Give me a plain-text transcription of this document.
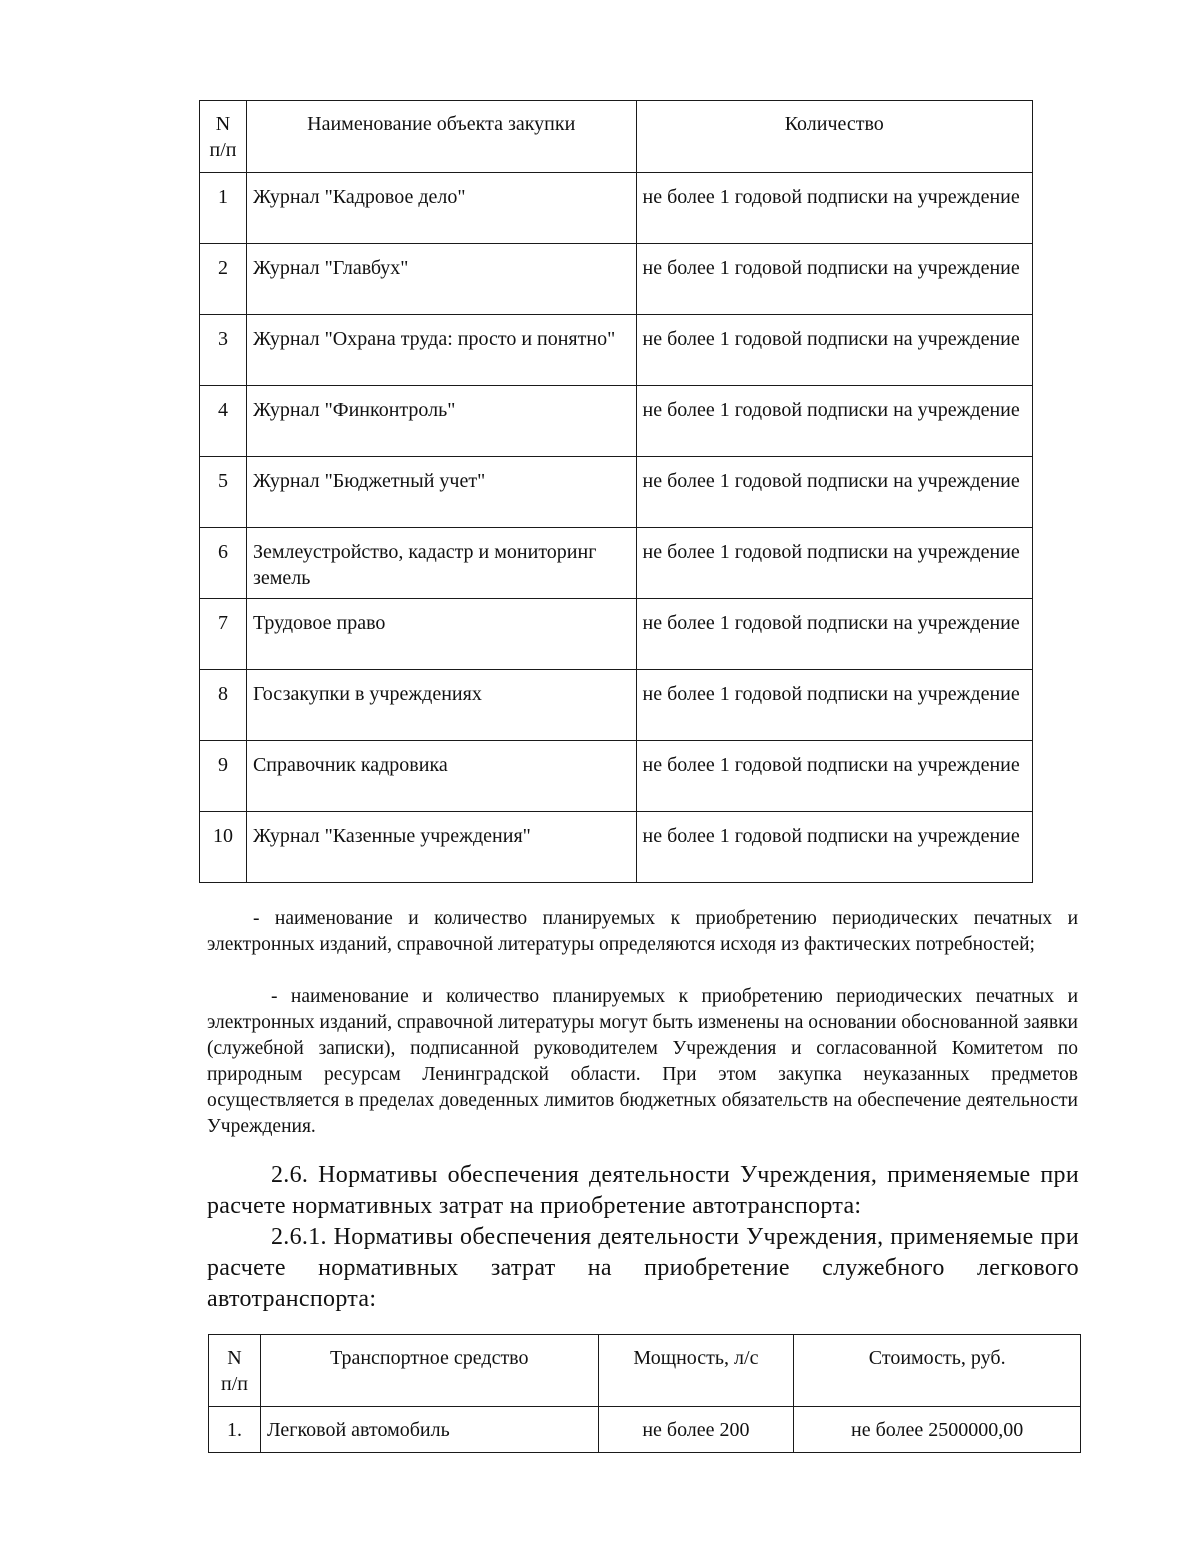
N
п/п	Наименование объекта закупки	Количество
1	Журнал "Кадровое дело"	не более 1 годовой подписки на учреждение
2	Журнал "Главбух"	не более 1 годовой подписки на учреждение
3	Журнал "Охрана труда: просто и понятно"	не более 1 годовой подписки на учреждение
4	Журнал "Финконтроль"	не более 1 годовой подписки на учреждение
5	Журнал "Бюджетный учет"	не более 1 годовой подписки на учреждение
6	Землеустройство, кадастр и мониторинг земель	не более 1 годовой подписки на учреждение
7	Трудовое право	не более 1 годовой подписки на учреждение
8	Госзакупки в учреждениях	не более 1 годовой подписки на учреждение
9	Справочник кадровика	не более 1 годовой подписки на учреждение
10	Журнал "Казенные учреждения"	не более 1 годовой подписки на учреждение

- наименование и количество планируемых к приобретению периодических печатных и электронных изданий, справочной литературы определяются исходя из фактических потребностей;

- наименование и количество планируемых к приобретению периодических печатных и электронных изданий, справочной литературы могут быть изменены на основании обоснованной заявки (служебной записки), подписанной руководителем Учреждения и согласованной Комитетом по природным ресурсам Ленинградской области. При этом закупка неуказанных предметов осуществляется в пределах доведенных лимитов бюджетных обязательств на обеспечение деятельности Учреждения.

2.6. Нормативы обеспечения деятельности Учреждения, применяемые при расчете нормативных затрат на приобретение автотранспорта:

2.6.1. Нормативы обеспечения деятельности Учреждения, применяемые при расчете нормативных затрат на приобретение служебного легкового автотранспорта:

N
п/п	Транспортное средство	Мощность, л/с	Стоимость, руб.
1.	Легковой автомобиль	не более 200	не более 2500000,00
